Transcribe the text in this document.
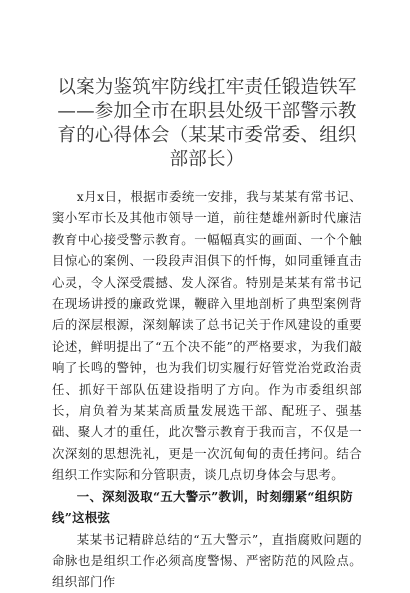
以案为鉴筑牢防线扛牢责任锻造铁军——参加全市在职县处级干部警示教育的心得体会（某某市委常委、组织部部长）

x月x日，根据市委统一安排，我与某某有常书记、窦小军市长及其他市领导一道，前往楚雄州新时代廉洁教育中心接受警示教育。一幅幅真实的画面、一个个触目惊心的案例、一段段声泪俱下的忏悔，如同重锤直击心灵，令人深受震撼、发人深省。特别是某某有常书记在现场讲授的廉政党课，鞭辟入里地剖析了典型案例背后的深层根源，深刻解读了总书记关于作风建设的重要论述，鲜明提出了“五个决不能”的严格要求，为我们敲响了长鸣的警钟，也为我们切实履行好管党治党政治责任、抓好干部队伍建设指明了方向。作为市委组织部长，肩负着为某某高质量发展选干部、配班子、强基础、聚人才的重任，此次警示教育于我而言，不仅是一次深刻的思想洗礼，更是一次沉甸甸的责任拷问。结合组织工作实际和分管职责，谈几点切身体会与思考。

一、深刻汲取“五大警示”教训，时刻绷紧“组织防线”这根弦

某某书记精辟总结的“五大警示”，直指腐败问题的命脉也是组织工作必须高度警惕、严密防范的风险点。组织部门作
